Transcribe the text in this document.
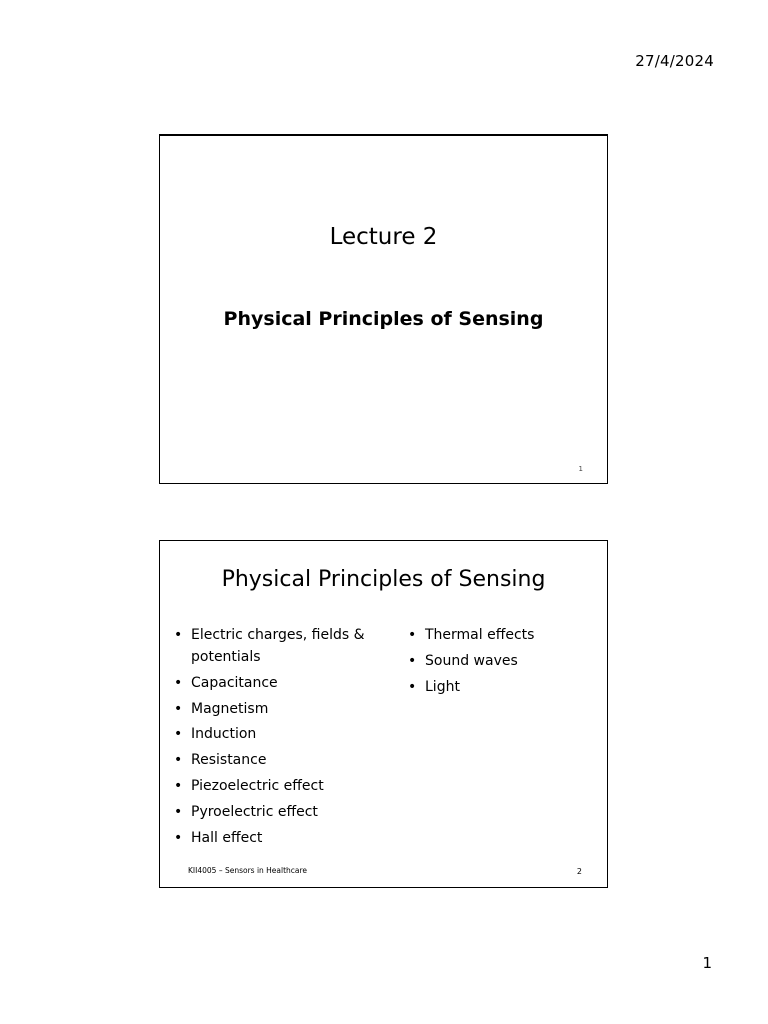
27/4/2024
Lecture 2
Physical Principles of Sensing
1
Physical Principles of Sensing
• Electric charges, fields & potentials
• Capacitance
• Magnetism
• Induction
• Resistance
• Piezoelectric effect
• Pyroelectric effect
• Hall effect
• Thermal effects
• Sound waves
• Light
KII4005 – Sensors in Healthcare	2
1
